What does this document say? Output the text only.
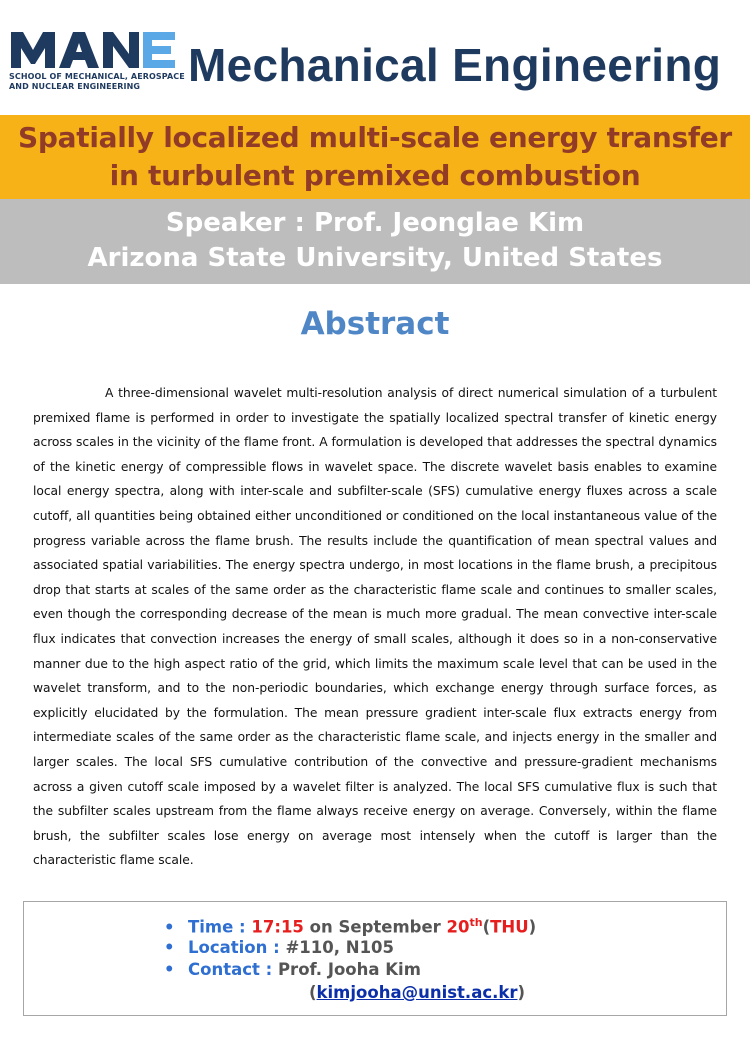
SCHOOL OF MECHANICAL, AEROSPACE
AND NUCLEAR ENGINEERING	Mechanical Engineering
Spatially localized multi-scale energy transfer
in turbulent premixed combustion
Speaker : Prof. Jeonglae Kim
Arizona State University, United States
Abstract

A three-dimensional wavelet multi-resolution analysis of direct numerical simulation of a turbulent premixed flame is performed in order to investigate the spatially localized spectral transfer of kinetic energy across scales in the vicinity of the flame front. A formulation is developed that addresses the spectral dynamics of the kinetic energy of compressible flows in wavelet space. The discrete wavelet basis enables to examine local energy spectra, along with inter-scale and subfilter-scale (SFS) cumulative energy fluxes across a scale cutoff, all quantities being obtained either unconditioned or conditioned on the local instantaneous value of the progress variable across the flame brush. The results include the quantification of mean spectral values and associated spatial variabilities. The energy spectra undergo, in most locations in the flame brush, a precipitous drop that starts at scales of the same order as the characteristic flame scale and continues to smaller scales, even though the corresponding decrease of the mean is much more gradual. The mean convective inter-scale flux indicates that convection increases the energy of small scales, although it does so in a non-conservative manner due to the high aspect ratio of the grid, which limits the maximum scale level that can be used in the wavelet transform, and to the non-periodic boundaries, which exchange energy through surface forces, as explicitly elucidated by the formulation. The mean pressure gradient inter-scale flux extracts energy from intermediate scales of the same order as the characteristic flame scale, and injects energy in the smaller and larger scales. The local SFS cumulative contribution of the convective and pressure-gradient mechanisms across a given cutoff scale imposed by a wavelet filter is analyzed. The local SFS cumulative flux is such that the subfilter scales upstream from the flame always receive energy on average. Conversely, within the flame brush, the subfilter scales lose energy on average most intensely when the cutoff is larger than the characteristic flame scale.

• Time : 17:15 on September 20th(THU)
• Location : #110, N105
• Contact : Prof. Jooha Kim
(kimjooha@unist.ac.kr)
